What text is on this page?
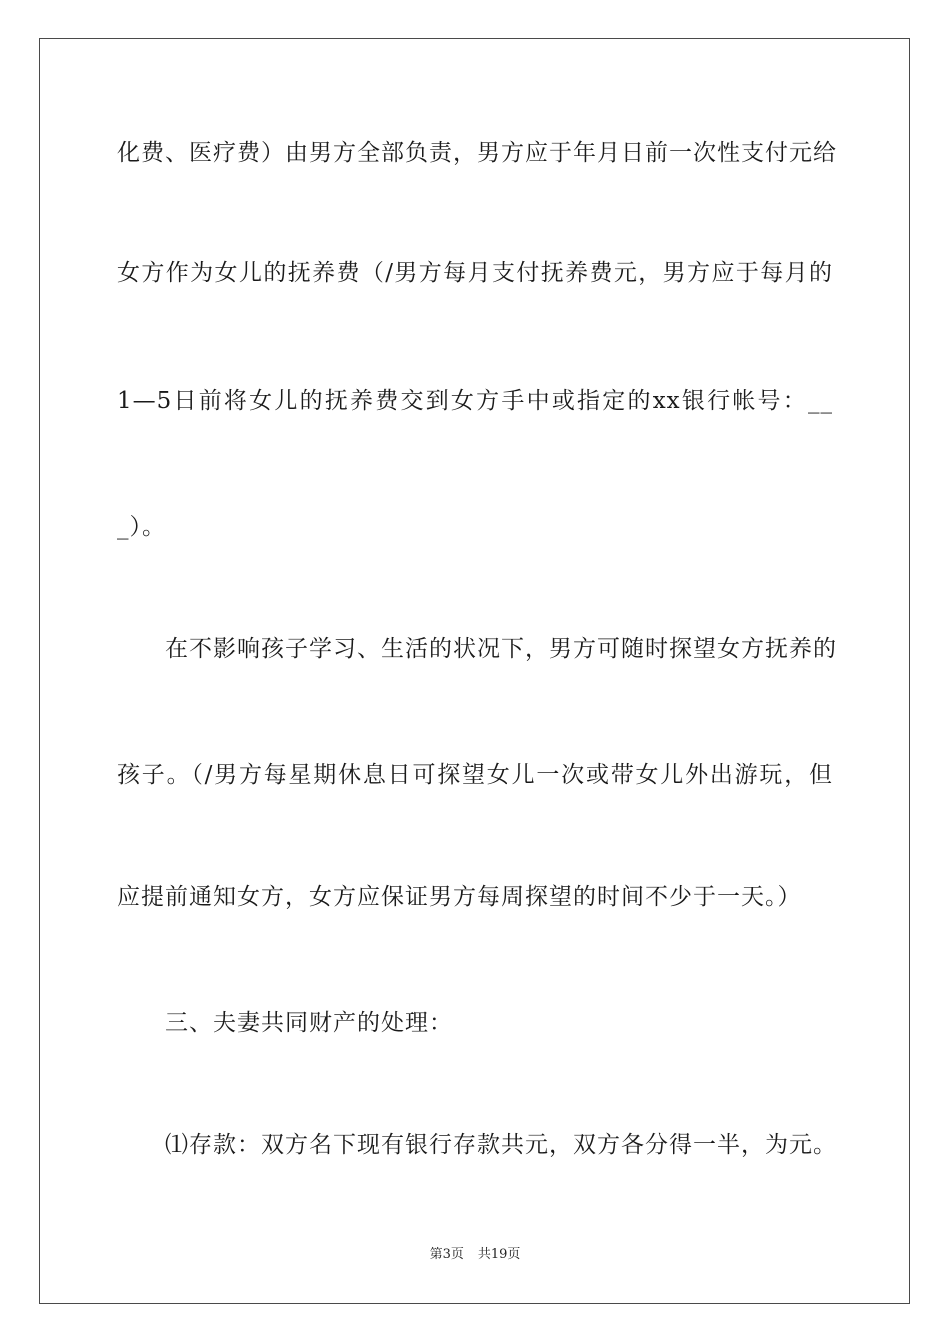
化费、医疗费）由男方全部负责，男方应于年月日前一次性支付元给
女方作为女儿的抚养费（/男方每月支付抚养费元，男方应于每月的
1—5日前将女儿的抚养费交到女方手中或指定的xx银行帐号：__
_）。
在不影响孩子学习、生活的状况下，男方可随时探望女方抚养的
孩子。（/男方每星期休息日可探望女儿一次或带女儿外出游玩，但
应提前通知女方，女方应保证男方每周探望的时间不少于一天。）
三、夫妻共同财产的处理：
⑴存款：双方名下现有银行存款共元，双方各分得一半，为元。
第3页 共19页
